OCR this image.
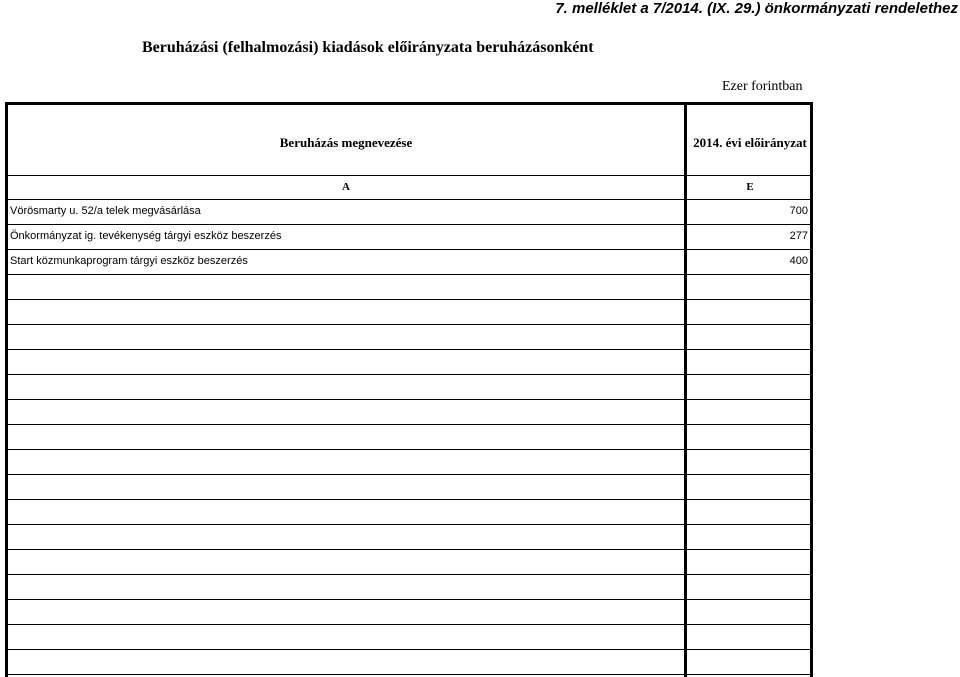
7. melléklet a 7/2014. (IX. 29.) önkormányzati rendelethez
Beruházási (felhalmozási) kiadások előirányzata beruházásonként
Ezer forintban
Beruházás megnevezése	2014. évi előirányzat
A	E
Vörösmarty u. 52/a telek megvásárlása	700
Önkormányzat ig. tevékenység tárgyi eszköz beszerzés	277
Start közmunkaprogram tárgyi eszköz beszerzés	400
